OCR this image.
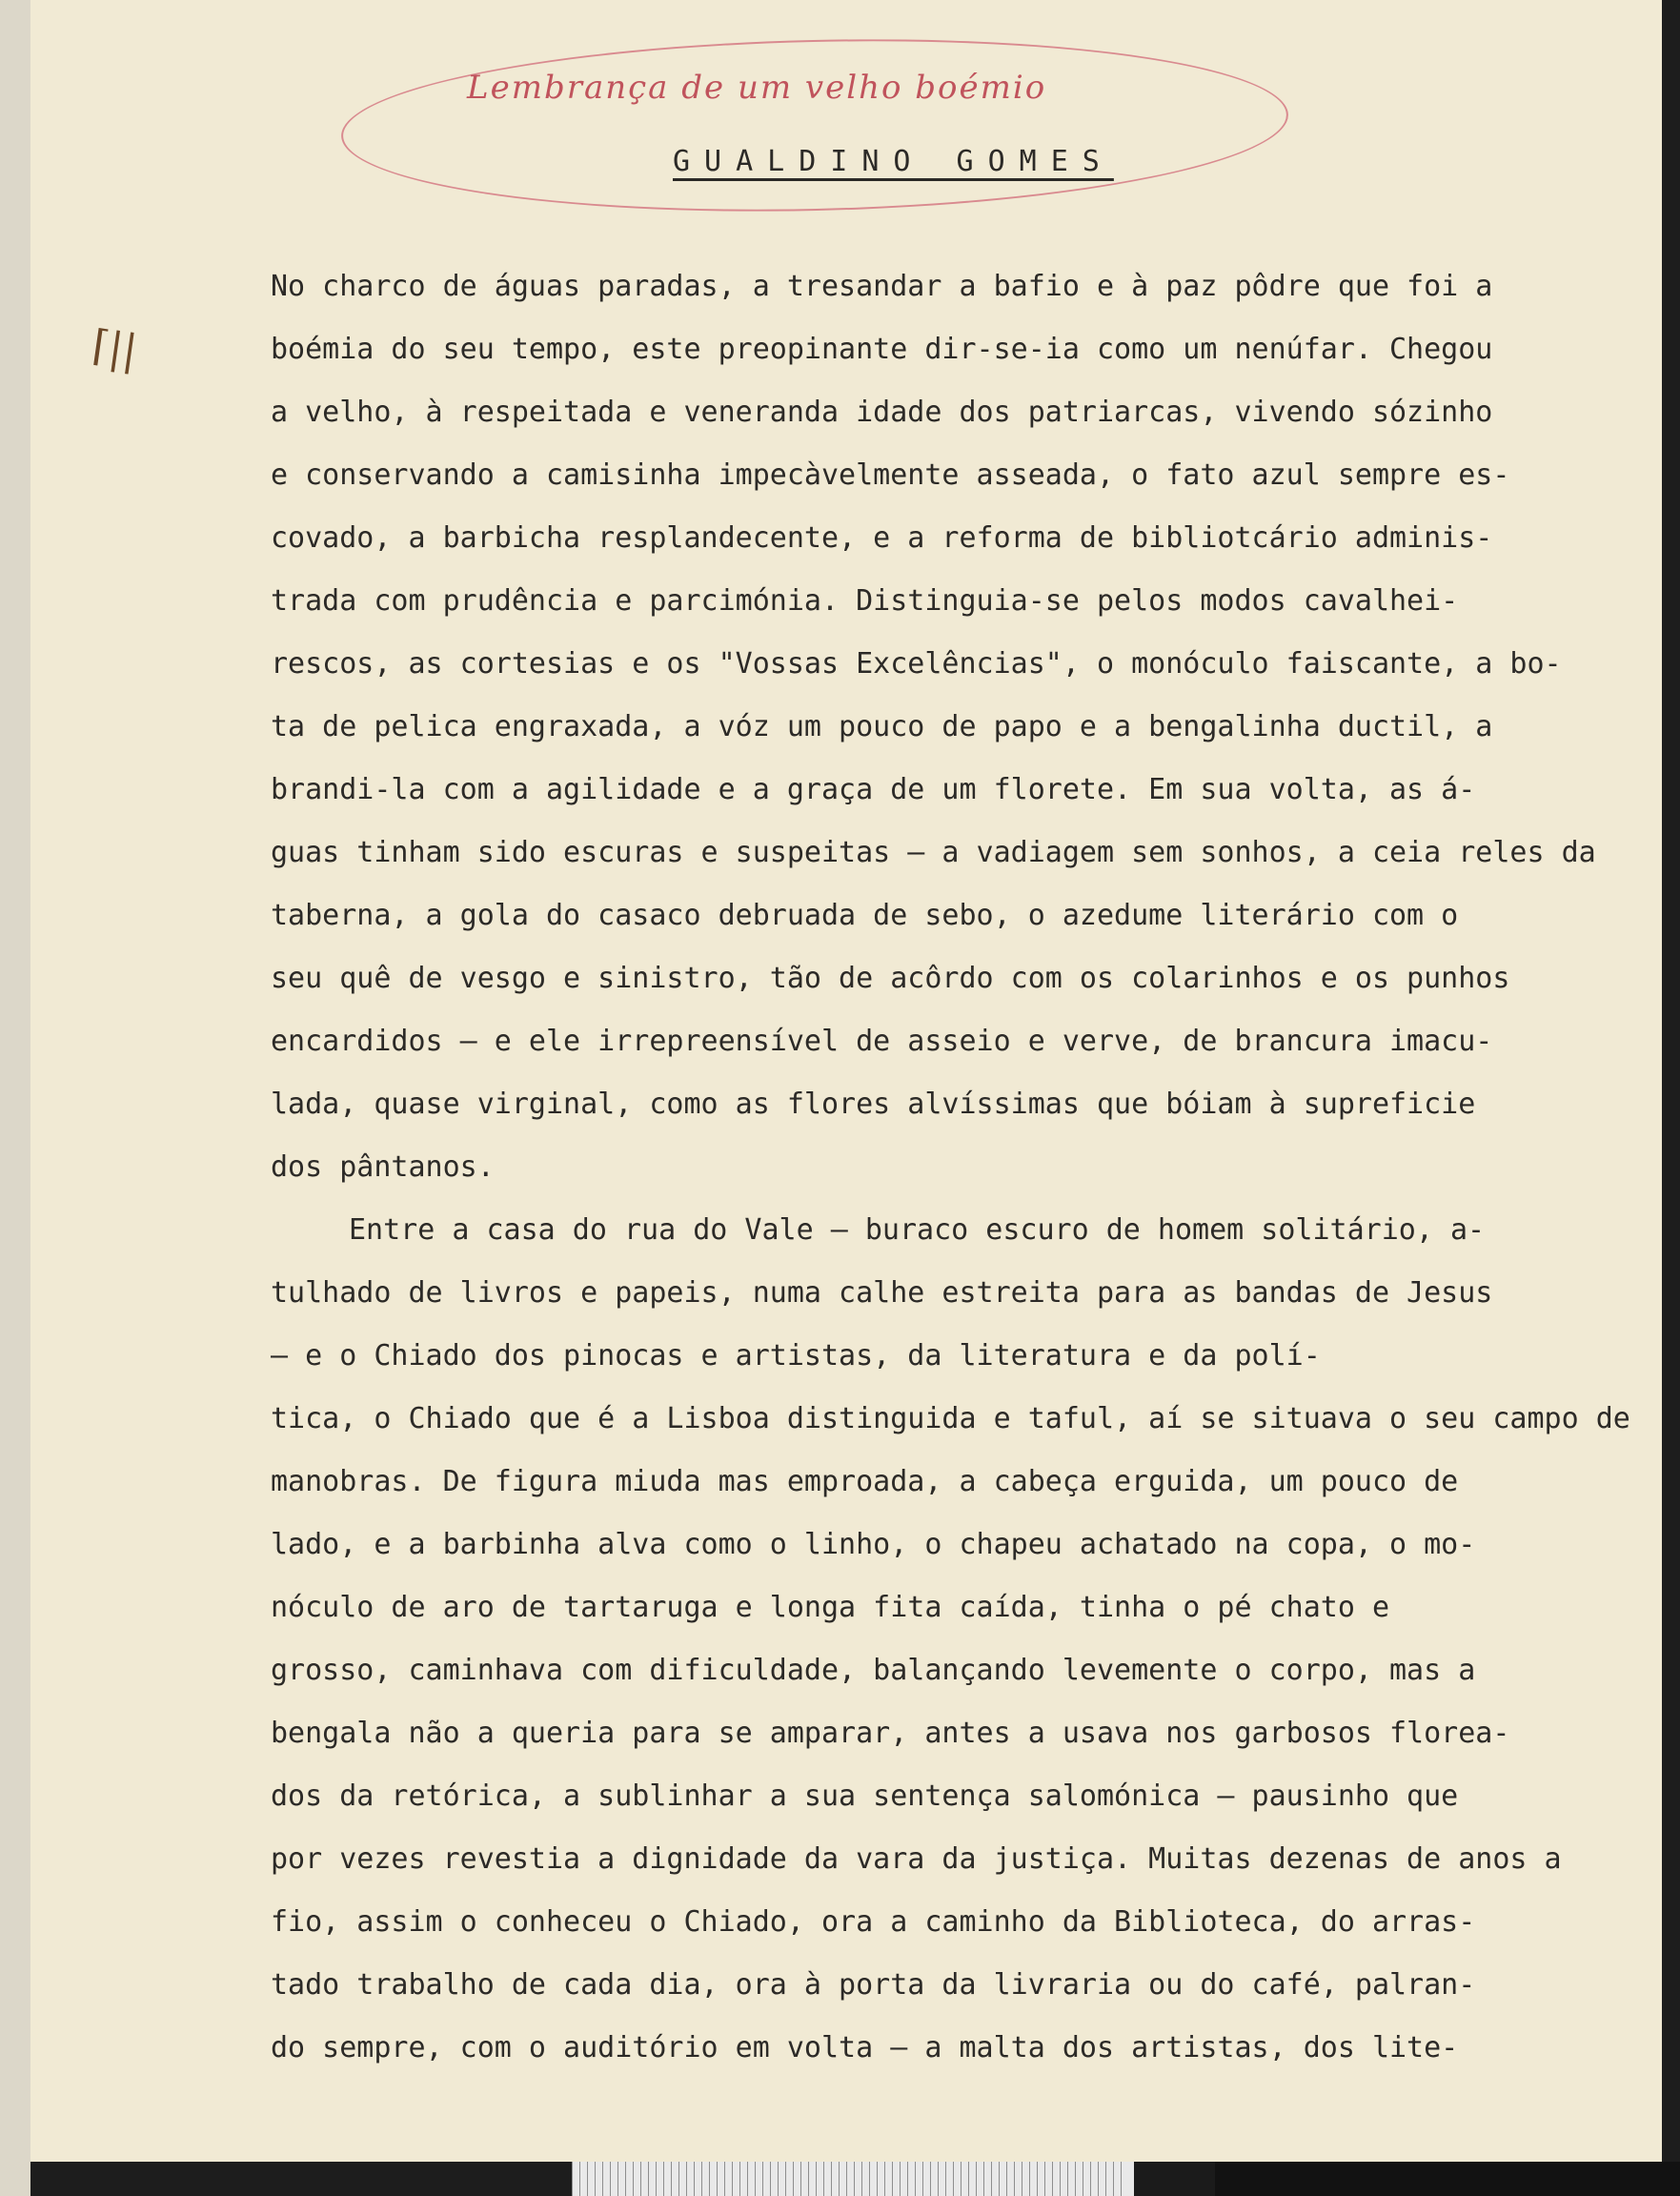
Lembrança de um velho boémio
GUALDINO GOMES
⌈||
No charco de águas paradas, a tresandar a bafio e à paz pôdre que foi a
boémia do seu tempo, este preopinante dir-se-ia como um nenúfar. Chegou
a velho, à respeitada e veneranda idade dos patriarcas, vivendo sózinho
e conservando a camisinha impecàvelmente asseada, o fato azul sempre es-
covado, a barbicha resplandecente, e a reforma de bibliotcário adminis-
trada com prudência e parcimónia. Distinguia-se pelos modos cavalhei-
rescos, as cortesias e os "Vossas Excelências", o monóculo faiscante, a bo-
ta de pelica engraxada, a vóz um pouco de papo e a bengalinha ductil, a
brandi-la com a agilidade e a graça de um florete. Em sua volta, as á-
guas tinham sido escuras e suspeitas — a vadiagem sem sonhos, a ceia reles da
taberna, a gola do casaco debruada de sebo, o azedume literário com o
seu quê de vesgo e sinistro, tão de acôrdo com os colarinhos e os punhos
encardidos — e ele irrepreensível de asseio e verve, de brancura imacu-
lada, quase virginal, como as flores alvíssimas que bóiam à supreficie
dos pântanos.
Entre a casa do rua do Vale — buraco escuro de homem solitário, a-
tulhado de livros e papeis, numa calhe estreita para as bandas de Jesus
— e o Chiado dos pinocas e artistas, da literatura e da polí-
tica, o Chiado que é a Lisboa distinguida e taful, aí se situava o seu campo de
manobras. De figura miuda mas emproada, a cabeça erguida, um pouco de
lado, e a barbinha alva como o linho, o chapeu achatado na copa, o mo-
nóculo de aro de tartaruga e longa fita caída, tinha o pé chato e
grosso, caminhava com dificuldade, balançando levemente o corpo, mas a
bengala não a queria para se amparar, antes a usava nos garbosos florea-
dos da retórica, a sublinhar a sua sentença salomónica — pausinho que
por vezes revestia a dignidade da vara da justiça. Muitas dezenas de anos a
fio, assim o conheceu o Chiado, ora a caminho da Biblioteca, do arras-
tado trabalho de cada dia, ora à porta da livraria ou do café, palran-
do sempre, com o auditório em volta — a malta dos artistas, dos lite-
